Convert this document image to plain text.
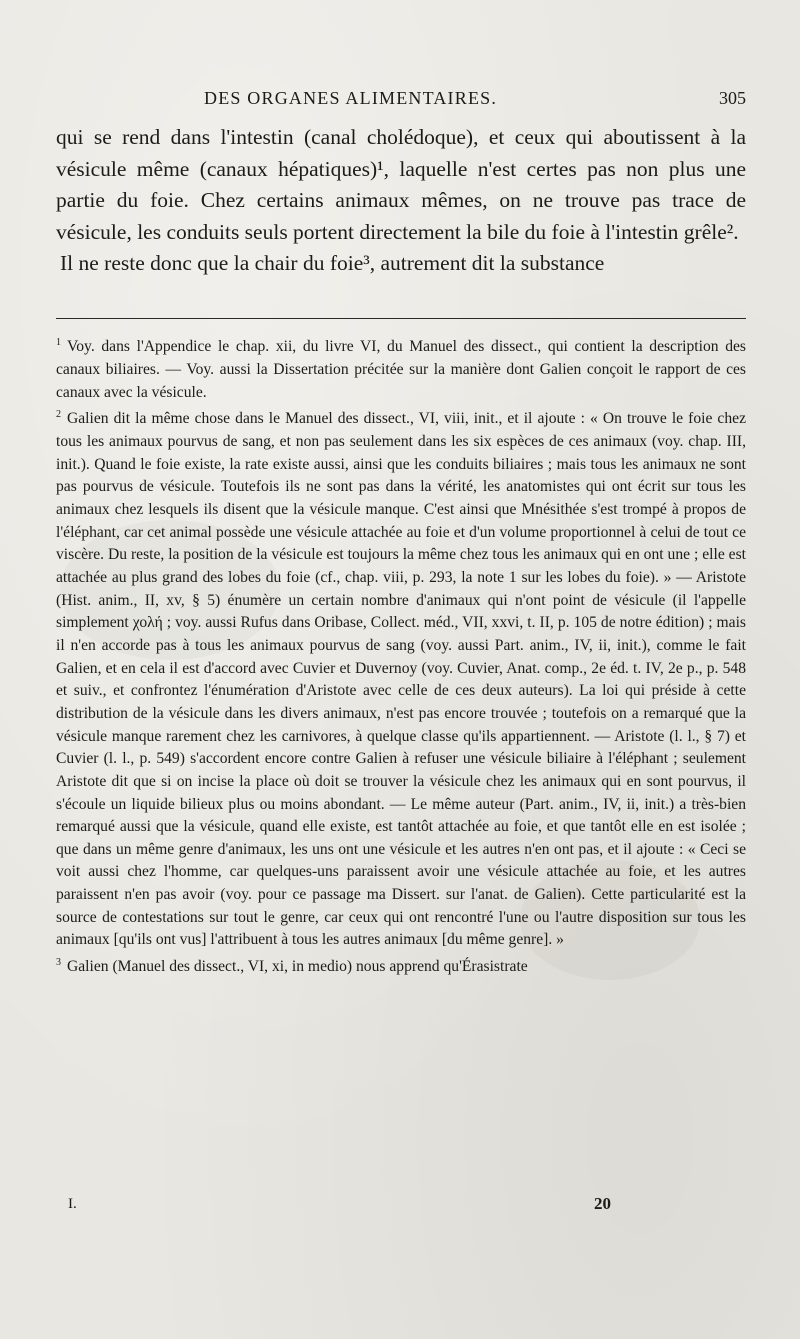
DES ORGANES ALIMENTAIRES.	305

qui se rend dans l'intestin (canal cholédoque), et ceux qui aboutissent à la vésicule même (canaux hépatiques)¹, laquelle n'est certes pas non plus une partie du foie. Chez certains animaux mêmes, on ne trouve pas trace de vésicule, les conduits seuls portent directement la bile du foie à l'intestin grêle².

Il ne reste donc que la chair du foie³, autrement dit la substance

$^1$ Voy. dans l'Appendice le chap. xii, du livre VI, du Manuel des dissect., qui contient la description des canaux biliaires. — Voy. aussi la Dissertation précitée sur la manière dont Galien conçoit le rapport de ces canaux avec la vésicule.

$^2$ Galien dit la même chose dans le Manuel des dissect., VI, viii, init., et il ajoute : « On trouve le foie chez tous les animaux pourvus de sang, et non pas seulement dans les six espèces de ces animaux (voy. chap. III, init.). Quand le foie existe, la rate existe aussi, ainsi que les conduits biliaires ; mais tous les animaux ne sont pas pourvus de vésicule. Toutefois ils ne sont pas dans la vérité, les anatomistes qui ont écrit sur tous les animaux chez lesquels ils disent que la vésicule manque. C'est ainsi que Mnésithée s'est trompé à propos de l'éléphant, car cet animal possède une vésicule attachée au foie et d'un volume proportionnel à celui de tout ce viscère. Du reste, la position de la vésicule est toujours la même chez tous les animaux qui en ont une ; elle est attachée au plus grand des lobes du foie (cf., chap. viii, p. 293, la note 1 sur les lobes du foie). » — Aristote (Hist. anim., II, xv, § 5) énumère un certain nombre d'animaux qui n'ont point de vésicule (il l'appelle simplement χολή ; voy. aussi Rufus dans Oribase, Collect. méd., VII, xxvi, t. II, p. 105 de notre édition) ; mais il n'en accorde pas à tous les animaux pourvus de sang (voy. aussi Part. anim., IV, ii, init.), comme le fait Galien, et en cela il est d'accord avec Cuvier et Duvernoy (voy. Cuvier, Anat. comp., 2e éd. t. IV, 2e p., p. 548 et suiv., et confrontez l'énumération d'Aristote avec celle de ces deux auteurs). La loi qui préside à cette distribution de la vésicule dans les divers animaux, n'est pas encore trouvée ; toutefois on a remarqué que la vésicule manque rarement chez les carnivores, à quelque classe qu'ils appartiennent. — Aristote (l. l., § 7) et Cuvier (l. l., p. 549) s'accordent encore contre Galien à refuser une vésicule biliaire à l'éléphant ; seulement Aristote dit que si on incise la place où doit se trouver la vésicule chez les animaux qui en sont pourvus, il s'écoule un liquide bilieux plus ou moins abondant. — Le même auteur (Part. anim., IV, ii, init.) a très-bien remarqué aussi que la vésicule, quand elle existe, est tantôt attachée au foie, et que tantôt elle en est isolée ; que dans un même genre d'animaux, les uns ont une vésicule et les autres n'en ont pas, et il ajoute : « Ceci se voit aussi chez l'homme, car quelques-uns paraissent avoir une vésicule attachée au foie, et les autres paraissent n'en pas avoir (voy. pour ce passage ma Dissert. sur l'anat. de Galien). Cette particularité est la source de contestations sur tout le genre, car ceux qui ont rencontré l'une ou l'autre disposition sur tous les animaux [qu'ils ont vus] l'attribuent à tous les autres animaux [du même genre]. »

$^3$ Galien (Manuel des dissect., VI, xi, in medio) nous apprend qu'Érasistrate

I.	20
